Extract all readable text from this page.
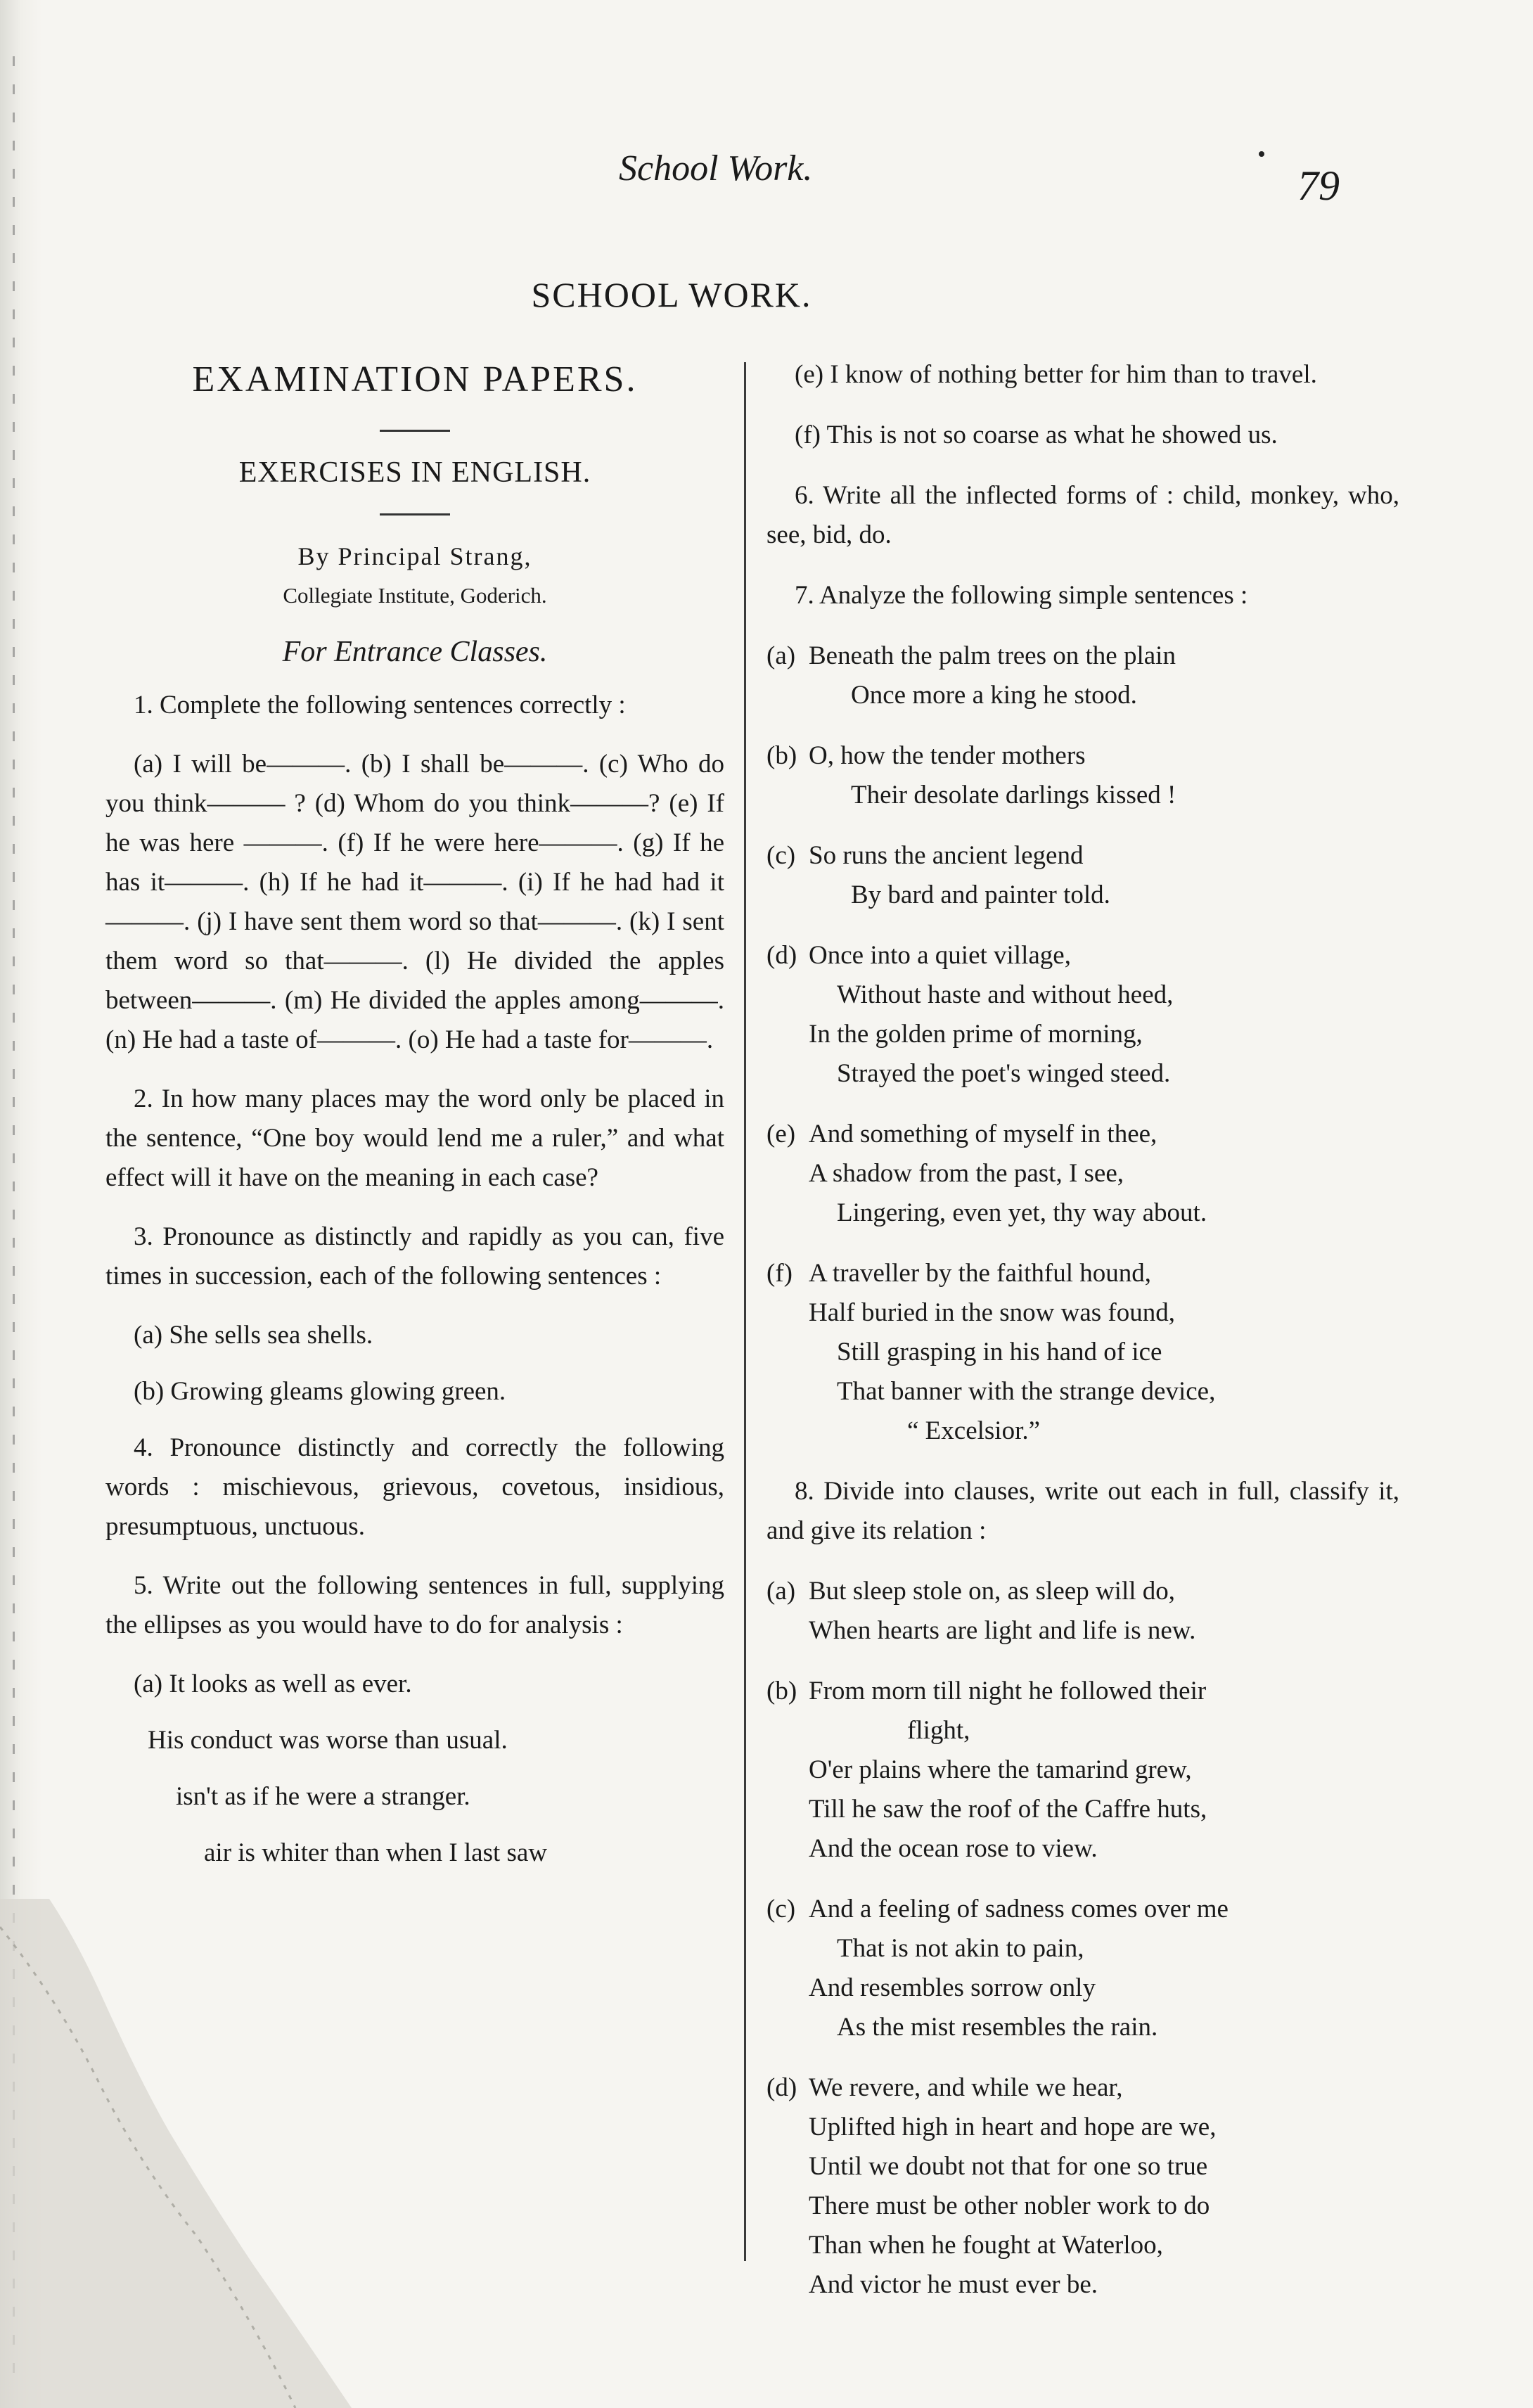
School Work.	79
SCHOOL WORK.
EXAMINATION PAPERS.
EXERCISES IN ENGLISH.
By Principal Strang,
Collegiate Institute, Goderich.
For Entrance Classes.

1. Complete the following sentences correctly :

(a) I will be———. (b) I shall be———. (c) Who do you think——— ? (d) Whom do you think———? (e) If he was here ———. (f) If he were here———. (g) If he has it———. (h) If he had it———. (i) If he had had it———. (j) I have sent them word so that———. (k) I sent them word so that———. (l) He divided the apples between———. (m) He divided the apples among———. (n) He had a taste of———. (o) He had a taste for———.

2. In how many places may the word only be placed in the sentence, “One boy would lend me a ruler,” and what effect will it have on the meaning in each case?

3. Pronounce as distinctly and rapidly as you can, five times in succession, each of the following sentences :

(a) She sells sea shells.

(b) Growing gleams glowing green.

4. Pronounce distinctly and correctly the following words : mischievous, grievous, covetous, insidious, presumptuous, unctuous.

5. Write out the following sentences in full, supplying the ellipses as you would have to do for analysis :

(a) It looks as well as ever.

His conduct was worse than usual.

isn't as if he were a stranger.

air is whiter than when I last saw

(e) I know of nothing better for him than to travel.

(f) This is not so coarse as what he showed us.

6. Write all the inflected forms of : child, monkey, who, see, bid, do.

7. Analyze the following simple sentences :

(a) Beneath the palm trees on the plain
Once more a king he stood.
(b) O, how the tender mothers
Their desolate darlings kissed !
(c) So runs the ancient legend
By bard and painter told.
(d) Once into a quiet village,
Without haste and without heed,
In the golden prime of morning,
Strayed the poet's winged steed.
(e) And something of myself in thee,
A shadow from the past, I see,
Lingering, even yet, thy way about.
(f) A traveller by the faithful hound,
Half buried in the snow was found,
Still grasping in his hand of ice
That banner with the strange device,
“ Excelsior.”

8. Divide into clauses, write out each in full, classify it, and give its relation :

(a) But sleep stole on, as sleep will do,
When hearts are light and life is new.
(b) From morn till night he followed their
flight,
O'er plains where the tamarind grew,
Till he saw the roof of the Caffre huts,
And the ocean rose to view.
(c) And a feeling of sadness comes over me
That is not akin to pain,
And resembles sorrow only
As the mist resembles the rain.
(d) We revere, and while we hear,
Uplifted high in heart and hope are we,
Until we doubt not that for one so true
There must be other nobler work to do
Than when he fought at Waterloo,
And victor he must ever be.
